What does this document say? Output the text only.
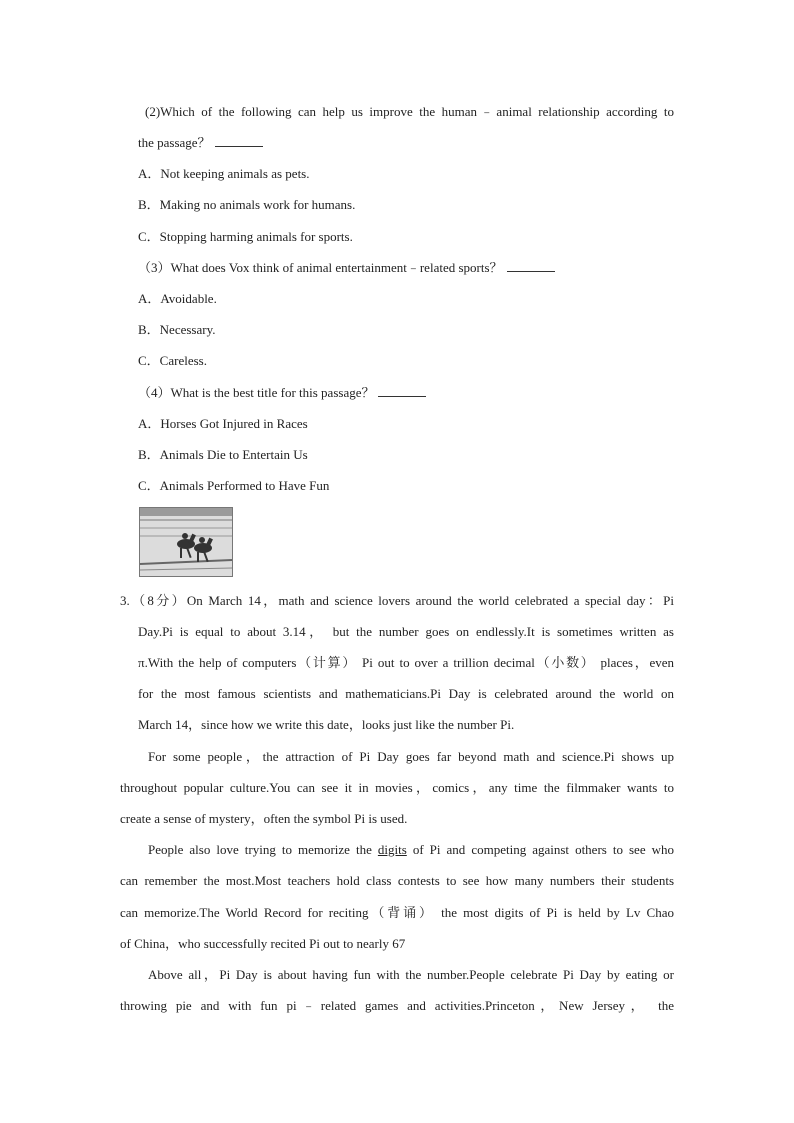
(2)Which of the following can help us improve the human﹣animal relationship according to
the passage？
A．Not keeping animals as pets.
B．Making no animals work for humans.
C．Stopping harming animals for sports.
（3）What does Vox think of animal entertainment﹣related sports？
A．Avoidable.
B．Necessary.
C．Careless.
（4）What is the best title for this passage？
A．Horses Got Injured in Races
B．Animals Die to Entertain Us
C．Animals Performed to Have Fun
3.（8分）On March 14，math and science lovers around the world celebrated a special day：Pi
Day.Pi is equal to about 3.14， but the number goes on endlessly.It is sometimes written as
π.With the help of computers（计算） Pi out to over a trillion decimal（小数） places，even
for the most famous scientists and mathematicians.Pi Day is celebrated around the world on
March 14，since how we write this date，looks just like the number Pi.
For some people，the attraction of Pi Day goes far beyond math and science.Pi shows up
throughout popular culture.You can see it in movies，comics，any time the filmmaker wants to
create a sense of mystery，often the symbol Pi is used.
People also love trying to memorize the digits of Pi and competing against others to see who
can remember the most.Most teachers hold class contests to see how many numbers their students
can memorize.The World Record for reciting（背诵） the most digits of Pi is held by Lv Chao
of China，who successfully recited Pi out to nearly 67
Above all，Pi Day is about having fun with the number.People celebrate Pi Day by eating or
throwing pie and with fun pi﹣related games and activities.Princeton，New Jersey， the
